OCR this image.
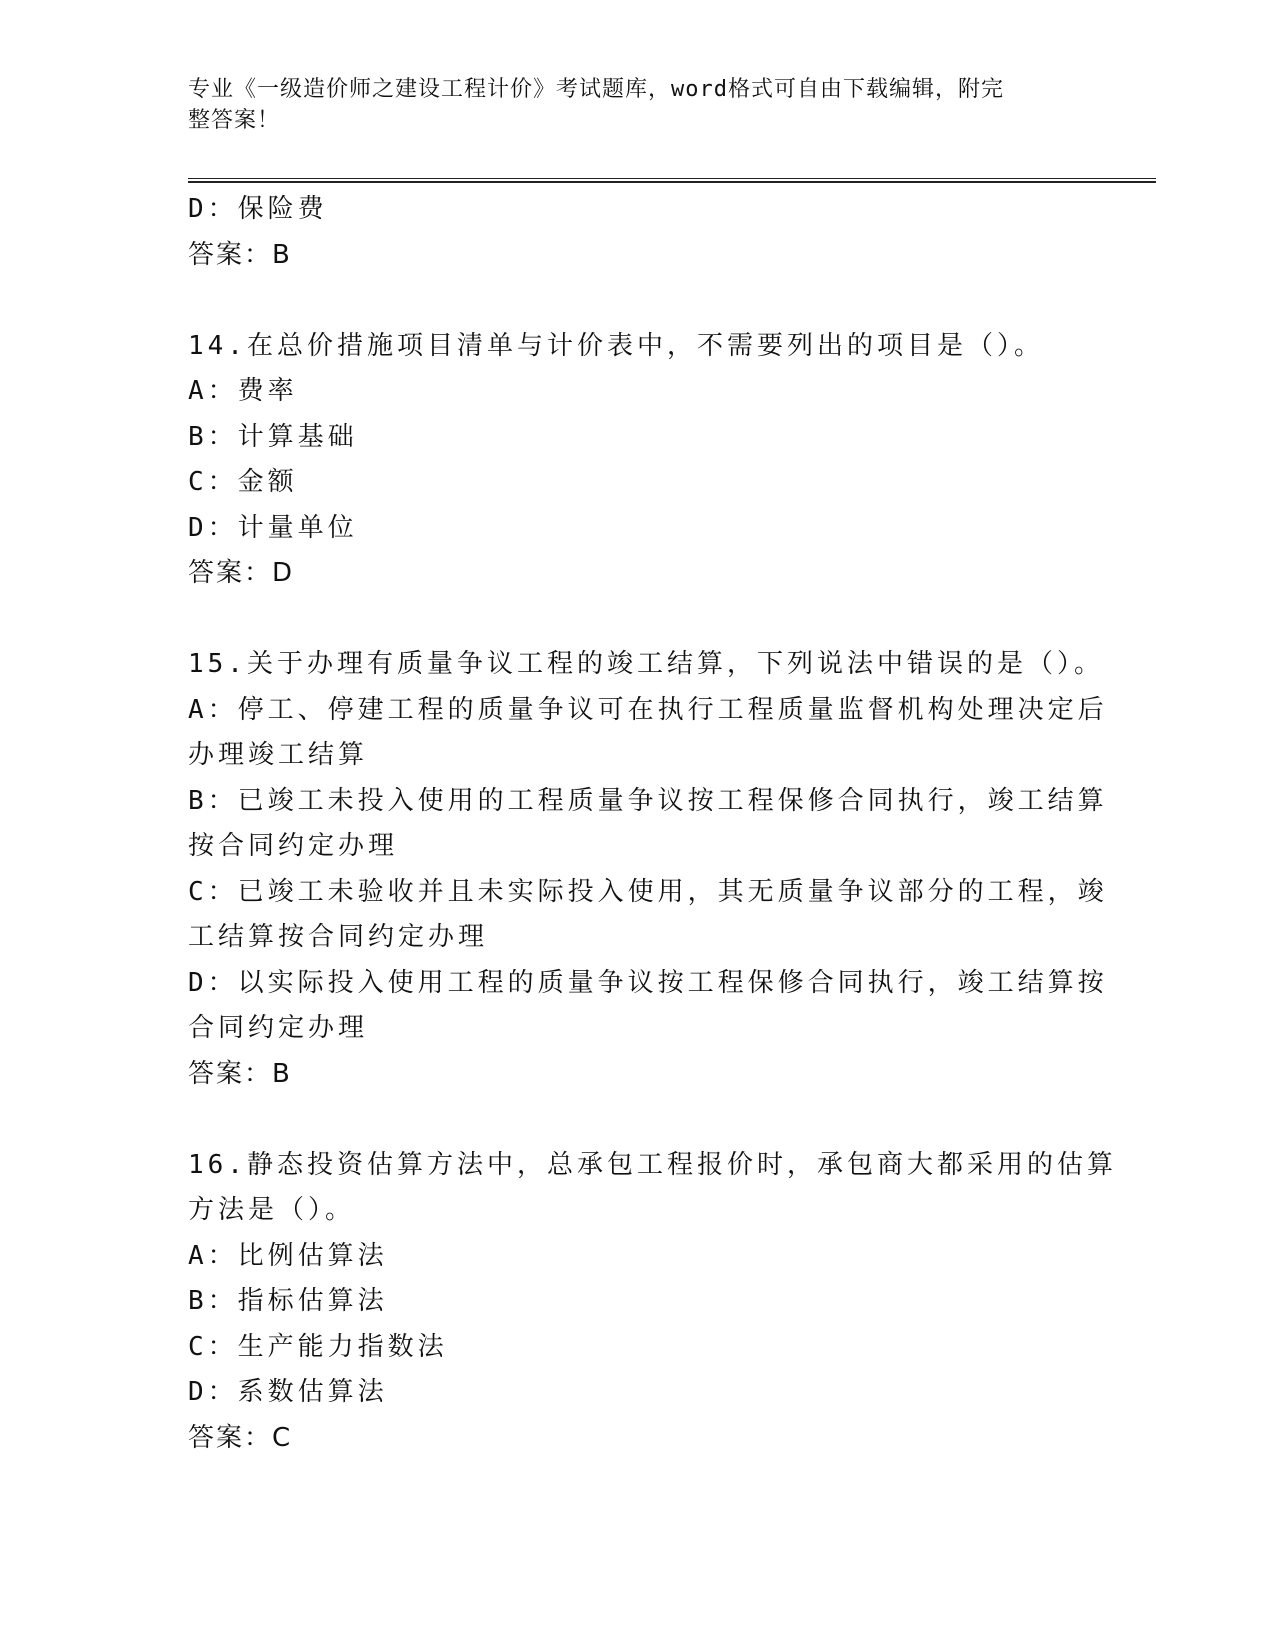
专业《一级造价师之建设工程计价》考试题库，word格式可自由下载编辑，附完
整答案！
D：保险费
答案：B
14.在总价措施项目清单与计价表中，不需要列出的项目是（）。
A：费率
B：计算基础
C：金额
D：计量单位
答案：D
15.关于办理有质量争议工程的竣工结算，下列说法中错误的是（）。
A：停工、停建工程的质量争议可在执行工程质量监督机构处理决定后
办理竣工结算
B：已竣工未投入使用的工程质量争议按工程保修合同执行，竣工结算
按合同约定办理
C：已竣工未验收并且未实际投入使用，其无质量争议部分的工程，竣
工结算按合同约定办理
D：以实际投入使用工程的质量争议按工程保修合同执行，竣工结算按
合同约定办理
答案：B
16.静态投资估算方法中，总承包工程报价时，承包商大都采用的估算
方法是（）。
A：比例估算法
B：指标估算法
C：生产能力指数法
D：系数估算法
答案：C
